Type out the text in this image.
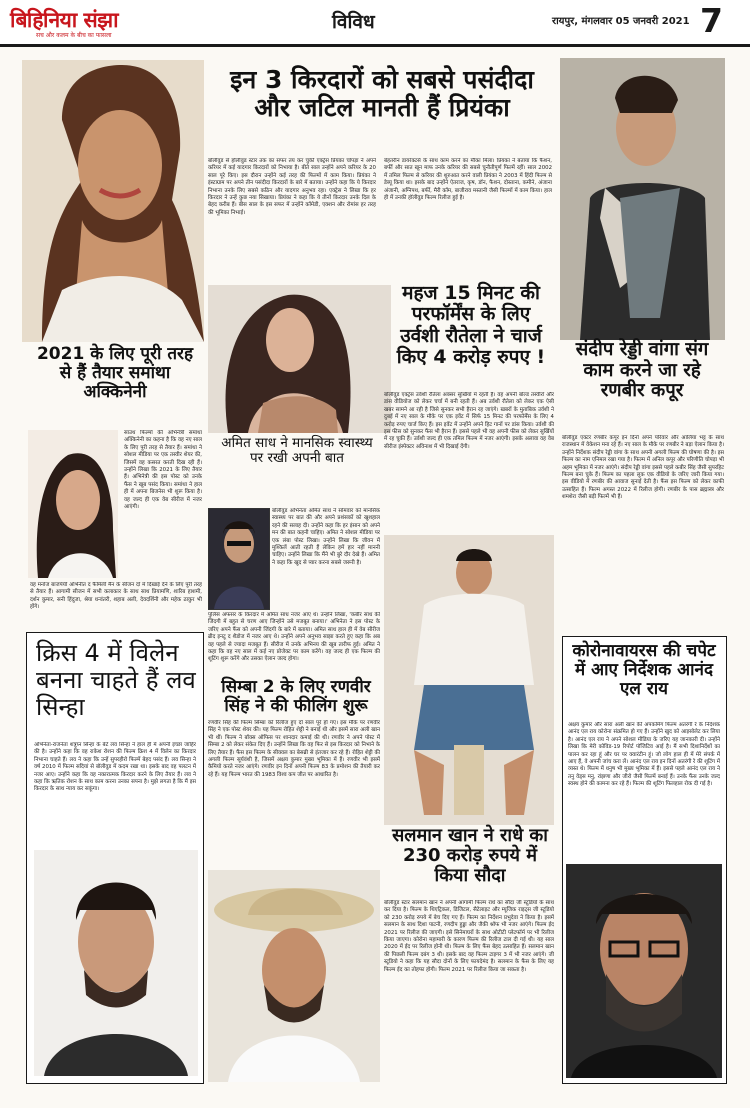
बिहिनिया संझा
सच और कलम के बीच का फासला
विविध	रायपुर, मंगलवार 05 जनवरी 2021 7
इन 3 किरदारों को सबसे पसंदीदा और जटिल मानती हैं प्रियंका
बॉलीवुड से हॉलीवुड स्टार तक का सफर तय कर चुकी एक्ट्रेस प्रियंका चोपड़ा ने अपने करियर में कई यादगार किरदारों को निभाया है। बीते साल उन्होंने अपने करियर के 20 साल पूरे किए। इस दौरान उन्होंने कई तरह की फिल्मों में काम किया। प्रियंका ने इंस्टाग्राम पर अपने तीन पसंदीदा किरदारों के बारे में बताया। उन्होंने कहा कि ये किरदार निभाना उनके लिए सबसे कठिन और यादगार अनुभव रहा। एक्ट्रेस ने लिखा कि हर किरदार ने उन्हें कुछ नया सिखाया। प्रियंका ने कहा कि ये तीनों किरदार उनके दिल के बेहद करीब हैं। बीस साल के इस सफर में उन्होंने कॉमेडी, एक्शन और रोमांस हर तरह की भूमिका निभाई।
बेहतरीन डायरेक्टर्स के साथ काम करने का मौका मिला। प्रियंका ने बताया कि फैशन, बर्फी और सात खून माफ उनके करियर की सबसे चुनौतीपूर्ण फिल्में रहीं। साल 2002 में तमिल फिल्म से करियर की शुरुआत करने वाली प्रियंका ने 2003 में हिंदी फिल्म से डेब्यू किया था। इसके बाद उन्होंने ऐतराज, कृष, डॉन, फैशन, दोस्ताना, कमीने, अंजाना अंजानी, अग्निपथ, बर्फी, मैरी कॉम, बाजीराव मस्तानी जैसी फिल्मों में काम किया। हाल ही में उनकी हॉलीवुड फिल्म रिलीज हुई है।
2021 के लिए पूरी तरह से हैं तैयार समांथा अक्किनेनी
साउथ फिल्मों की अभिनेत्री समांथा अक्किनेनी का कहना है कि वह नए साल के लिए पूरी तरह से तैयार हैं। समांथा ने सोशल मीडिया पर एक तस्वीर शेयर की, जिसमें वह कसरत करती दिख रही हैं। उन्होंने लिखा कि 2021 के लिए तैयार हैं। अभिनेत्री की इस पोस्ट को उनके फैंस ने खूब पसंद किया। समांथा ने हाल ही में अपना बिजनेस भी शुरू किया है। वह जल्द ही एक वेब सीरीज में नजर आएंगी।
वह मनोज बाजपेयी अभिनीत द फैमिली मैन के सीजन दो में दिखाई देने के लिए पूरी तरह से तैयार हैं। आगामी सीजन में सभी कलाकार के साथ साथ प्रियामणि, शारिब हाशमी, दर्शन कुमार, सनी हिंदुजा, श्रेया धन्वंतरी, शहाब अली, देवदर्शिनी और महेक ठाकुर भी होंगे।
महज 15 मिनट की परफॉर्मेंस के लिए उर्वशी रौतेला ने चार्ज किए 4 करोड़ रुपए !
बॉलीवुड एक्ट्रेस उर्वशी रौतेला अक्सर सुर्खियों में रहती हैं। वह अपनी बोल्ड तस्वीरों और डांस वीडियोज को लेकर चर्चा में बनी रहती हैं। अब उर्वशी रौतेला को लेकर एक ऐसी खबर सामने आ रही है जिसे सुनकर सभी हैरान रह जाएंगे। खबरों के मुताबिक उर्वशी ने दुबई में नए साल के मौके पर एक इवेंट में सिर्फ 15 मिनट की परफॉर्मेंस के लिए 4 करोड़ रुपए चार्ज किए हैं। इस इवेंट में उन्होंने अपने हिट गानों पर डांस किया। उर्वशी की इस फीस को सुनकर फैंस भी हैरान हैं। इससे पहले भी वह अपनी फीस को लेकर सुर्खियों में रह चुकी हैं। उर्वशी जल्द ही एक तमिल फिल्म में नजर आएंगी। इसके अलावा वह वेब सीरीज इंस्पेक्टर अविनाश में भी दिखाई देंगी।
संदीप रेड्डी वांगा संग काम करने जा रहे रणबीर कपूर
बॉलीवुड एक्टर रणबीर कपूर इन दिनों अपने परिवार और आलिया भट्ट के साथ राजस्थान में वेकेशन मना रहे हैं। नए साल के मौके पर रणबीर ने बड़ा ऐलान किया है। उन्होंने निर्देशक संदीप रेड्डी वांगा के साथ अपनी अगली फिल्म की घोषणा की है। इस फिल्म का नाम एनिमल रखा गया है। फिल्म में अनिल कपूर और परिणीति चोपड़ा भी अहम भूमिका में नजर आएंगे। संदीप रेड्डी वांगा इससे पहले कबीर सिंह जैसी सुपरहिट फिल्म बना चुके हैं। फिल्म का पहला लुक एक वीडियो के जरिए जारी किया गया। इस वीडियो में रणबीर की आवाज सुनाई देती है। फैंस इस फिल्म को लेकर काफी उत्साहित हैं। फिल्म अगस्त 2022 में रिलीज होगी। रणबीर के पास ब्रह्मास्त्र और शमशेरा जैसी बड़ी फिल्में भी हैं।
अमित साध ने मानसिक स्वास्थ्य पर रखी अपनी बात
बॉलीवुड अभिनेता अमित साध ने सोमवार को मानसिक स्वास्थ्य पर बात की और अपने प्रशंसकों को खुशहाल रहने की सलाह दी। उन्होंने कहा कि हर इंसान को अपने मन की बात कहनी चाहिए। अमित ने सोशल मीडिया पर एक लंबा पोस्ट लिखा। उन्होंने लिखा कि जीवन में मुश्किलें आती रहती हैं लेकिन हमें हार नहीं माननी चाहिए। उन्होंने लिखा कि मैंने भी बुरे दौर देखे हैं। अमित ने कहा कि खुद से प्यार करना सबसे जरूरी है।
पुलिस अफसर के किरदार में अमित साध नजर आए थे। उन्होंने लिखा, 'कबीर साध की जिंदगी में बहुत से चरण आए जिन्होंने उसे मजबूत बनाया।' अभिनेता ने इस पोस्ट के जरिए अपने फैंस को अपनी जिंदगी के बारे में बताया। अमित साध हाल ही में वेब सीरीज ब्रीद इनटू द शैडोज में नजर आए थे। उन्होंने अपने अनुभव साझा करते हुए कहा कि अब वह पहले से ज्यादा मजबूत हैं। सीरीज में उनके अभिनय की खूब तारीफ हुई। अमित ने कहा कि वह नए साल में कई नए प्रोजेक्ट पर काम करेंगे। वह जल्द ही एक फिल्म की शूटिंग शुरू करेंगे और उसका ऐलान जल्द होगा।
क्रिस 4 में विलेन बनना चाहते हैं लव सिन्हा
अभिनेता-राजनेता शत्रुघ्न सिन्हा के बेटे लव सिन्हा ने हाल ही में अपनी इच्छा जाहिर की है। उन्होंने कहा कि वह राकेश रोशन की फिल्म क्रिश 4 में विलेन का किरदार निभाना चाहते हैं। लव ने कहा कि उन्हें सुपरहीरो फिल्में बेहद पसंद हैं। लव सिन्हा ने वर्ष 2010 में फिल्म सदियां से बॉलीवुड में कदम रखा था। इसके बाद वह पलटन में नजर आए। उन्होंने कहा कि वह नकारात्मक किरदार करने के लिए तैयार हैं। लव ने कहा कि ऋतिक रोशन के साथ काम करना उनका सपना है। मुझे लगता है कि मैं इस किरदार के साथ न्याय कर सकूंगा।
सिम्बा 2 के लिए रणवीर सिंह ने की फीलिंग शुरू
रणवीर सिंह की फिल्म सिम्बा को रिलीज हुए दो साल पूरे हो गए। इस मौके पर रणवीर सिंह ने एक पोस्ट शेयर की। यह फिल्म रोहित शेट्टी ने बनाई थी और इसमें सारा अली खान भी थीं। फिल्म ने बॉक्स ऑफिस पर शानदार कमाई की थी। रणवीर ने अपने पोस्ट में सिम्बा 2 को लेकर संकेत दिए हैं। उन्होंने लिखा कि वह फिर से इस किरदार को निभाने के लिए तैयार हैं। फैंस इस फिल्म के सीक्वल का बेसब्री से इंतजार कर रहे हैं। रोहित शेट्टी की अगली फिल्म सूर्यवंशी है, जिसमें अक्षय कुमार मुख्य भूमिका में हैं। रणवीर भी इसमें कैमियो करते नजर आएंगे। रणवीर इन दिनों अपनी फिल्म 83 के प्रमोशन की तैयारी कर रहे हैं। यह फिल्म भारत की 1983 विश्व कप जीत पर आधारित है।
सलमान खान ने राधे का 230 करोड़ रुपये में किया सौदा
बॉलीवुड स्टार सलमान खान ने अपनी आगामी फिल्म राधे का सौदा जी स्टूडियो के साथ कर दिया है। फिल्म के थिएट्रिकल, डिजिटल, सैटेलाइट और म्यूजिक राइट्स जी स्टूडियो को 230 करोड़ रुपये में बेच दिए गए हैं। फिल्म का निर्देशन प्रभुदेवा ने किया है। इसमें सलमान के साथ दिशा पाटनी, रणदीप हुड्डा और जैकी श्रॉफ भी नजर आएंगे। फिल्म ईद 2021 पर रिलीज की जाएगी। इसे सिनेमाघरों के साथ ओटीटी प्लेटफॉर्म पर भी रिलीज किया जाएगा। कोरोना महामारी के कारण फिल्म की रिलीज टाल दी गई थी। यह साल 2020 में ईद पर रिलीज होनी थी। फिल्म के लिए फैंस बेहद उत्साहित हैं। सलमान खान की पिछली फिल्म दबंग 3 थी। इसके बाद वह फिल्म टाइगर 3 में भी नजर आएंगे। जी स्टूडियो ने कहा कि यह सौदा दोनों के लिए फायदेमंद है। सलमान के फैंस के लिए यह फिल्म ईद का तोहफा होगी। फिल्म 2021 पर रिलीज किया जा सकता है।
कोरोनावायरस की चपेट में आए निर्देशक आनंद एल राय
अक्षय कुमार और सारा अली खान की अपकमिंग फिल्म अतरंगी रे के निर्देशक आनंद एल राय कोरोना संक्रमित हो गए हैं। उन्होंने खुद को आइसोलेट कर लिया है। आनंद एल राय ने अपने सोशल मीडिया के जरिए यह जानकारी दी। उन्होंने लिखा कि मेरी कोविड-19 रिपोर्ट पॉजिटिव आई है। मैं सभी दिशानिर्देशों का पालन कर रहा हूं और घर पर क्वारंटीन हूं। जो लोग हाल ही में मेरे संपर्क में आए हैं, वे अपनी जांच करा लें। आनंद एल राय इन दिनों अतरंगी रे की शूटिंग में व्यस्त थे। फिल्म में धनुष भी मुख्य भूमिका में हैं। इससे पहले आनंद एल राय ने तनु वेड्स मनु, रांझणा और जीरो जैसी फिल्में बनाई हैं। उनके फैंस उनके जल्द स्वस्थ होने की कामना कर रहे हैं। फिल्म की शूटिंग फिलहाल रोक दी गई है।
